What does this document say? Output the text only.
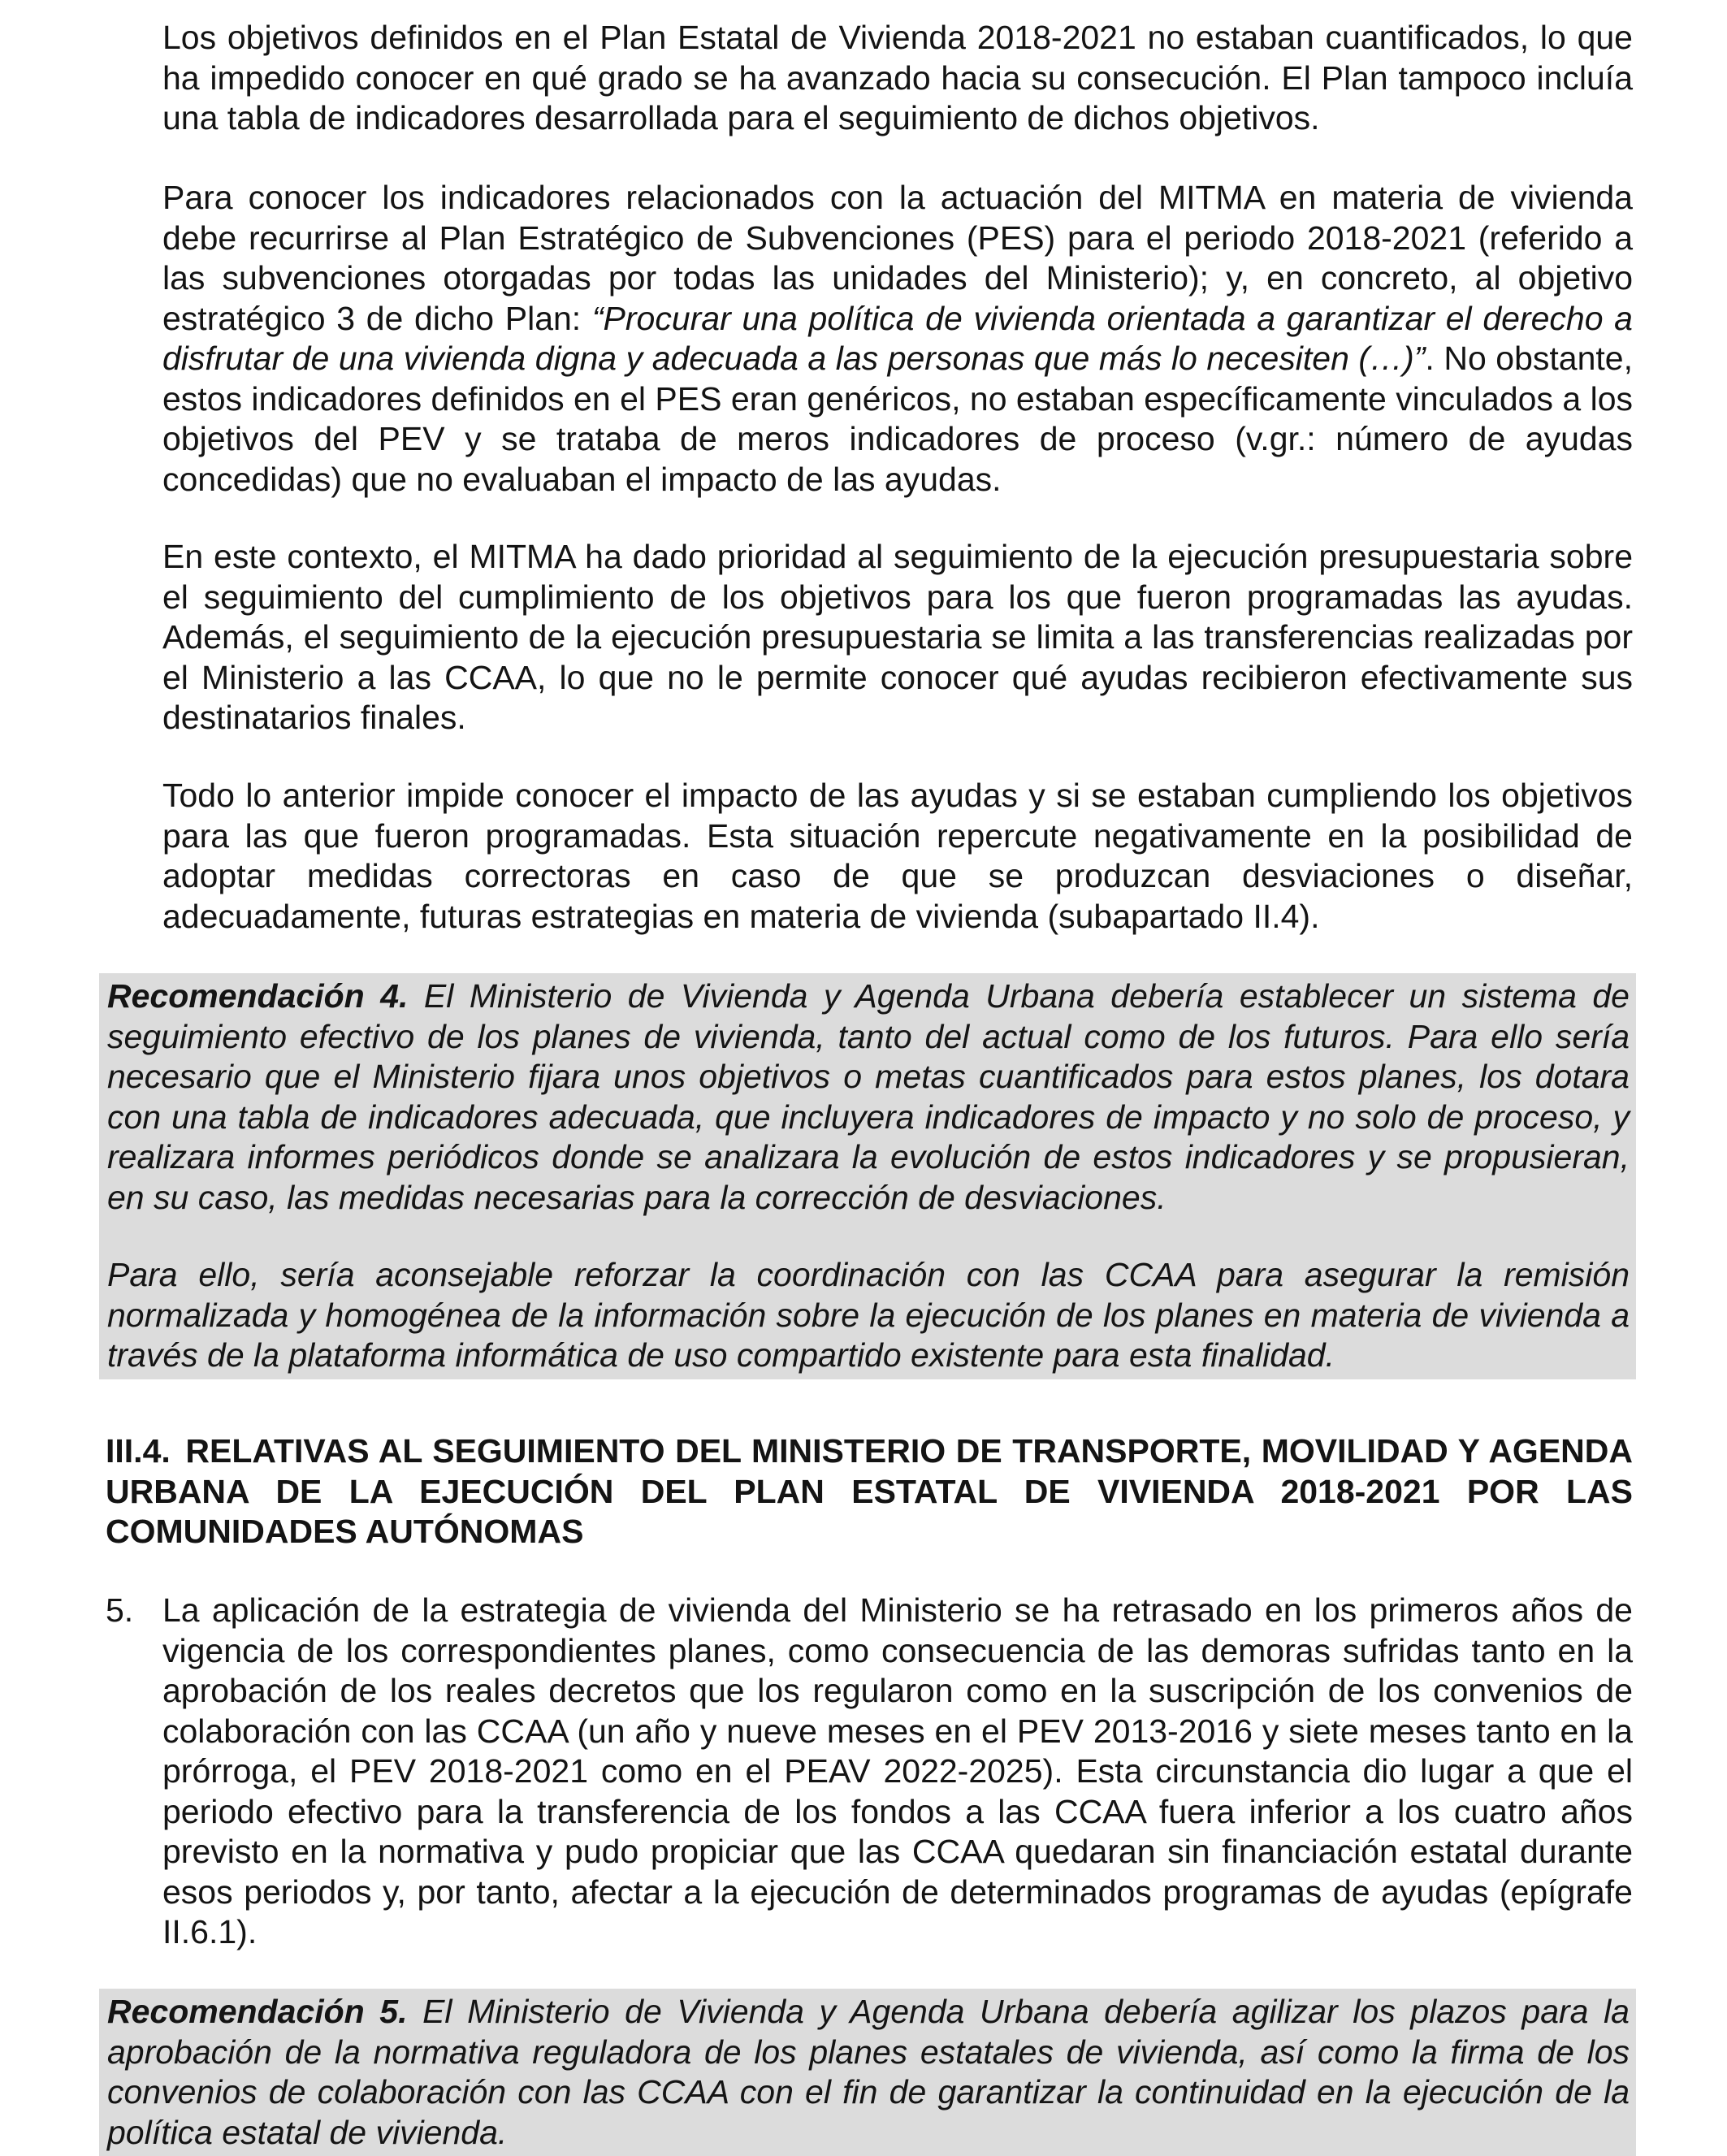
Los objetivos definidos en el Plan Estatal de Vivienda 2018-2021 no estaban cuantificados, lo que ha impedido conocer en qué grado se ha avanzado hacia su consecución. El Plan tampoco incluía una tabla de indicadores desarrollada para el seguimiento de dichos objetivos.

Para conocer los indicadores relacionados con la actuación del MITMA en materia de vivienda debe recurrirse al Plan Estratégico de Subvenciones (PES) para el periodo 2018-2021 (referido a las subvenciones otorgadas por todas las unidades del Ministerio); y, en concreto, al objetivo estratégico 3 de dicho Plan: “Procurar una política de vivienda orientada a garantizar el derecho a disfrutar de una vivienda digna y adecuada a las personas que más lo necesiten (…)”. No obstante, estos indicadores definidos en el PES eran genéricos, no estaban específicamente vinculados a los objetivos del PEV y se trataba de meros indicadores de proceso (v.gr.: número de ayudas concedidas) que no evaluaban el impacto de las ayudas.

En este contexto, el MITMA ha dado prioridad al seguimiento de la ejecución presupuestaria sobre el seguimiento del cumplimiento de los objetivos para los que fueron programadas las ayudas. Además, el seguimiento de la ejecución presupuestaria se limita a las transferencias realizadas por el Ministerio a las CCAA, lo que no le permite conocer qué ayudas recibieron efectivamente sus destinatarios finales.

Todo lo anterior impide conocer el impacto de las ayudas y si se estaban cumpliendo los objetivos para las que fueron programadas. Esta situación repercute negativamente en la posibilidad de adoptar medidas correctoras en caso de que se produzcan desviaciones o diseñar, adecuadamente, futuras estrategias en materia de vivienda (subapartado II.4).

Recomendación 4. El Ministerio de Vivienda y Agenda Urbana debería establecer un sistema de seguimiento efectivo de los planes de vivienda, tanto del actual como de los futuros. Para ello sería necesario que el Ministerio fijara unos objetivos o metas cuantificados para estos planes, los dotara con una tabla de indicadores adecuada, que incluyera indicadores de impacto y no solo de proceso, y realizara informes periódicos donde se analizara la evolución de estos indicadores y se propusieran, en su caso, las medidas necesarias para la corrección de desviaciones.

Para ello, sería aconsejable reforzar la coordinación con las CCAA para asegurar la remisión normalizada y homogénea de la información sobre la ejecución de los planes en materia de vivienda a través de la plataforma informática de uso compartido existente para esta finalidad.

III.4. RELATIVAS AL SEGUIMIENTO DEL MINISTERIO DE TRANSPORTE, MOVILIDAD Y AGENDA URBANA DE LA EJECUCIÓN DEL PLAN ESTATAL DE VIVIENDA 2018-2021 POR LAS COMUNIDADES AUTÓNOMAS

5. La aplicación de la estrategia de vivienda del Ministerio se ha retrasado en los primeros años de vigencia de los correspondientes planes, como consecuencia de las demoras sufridas tanto en la aprobación de los reales decretos que los regularon como en la suscripción de los convenios de colaboración con las CCAA (un año y nueve meses en el PEV 2013-2016 y siete meses tanto en la prórroga, el PEV 2018-2021 como en el PEAV 2022-2025). Esta circunstancia dio lugar a que el periodo efectivo para la transferencia de los fondos a las CCAA fuera inferior a los cuatro años previsto en la normativa y pudo propiciar que las CCAA quedaran sin financiación estatal durante esos periodos y, por tanto, afectar a la ejecución de determinados programas de ayudas (epígrafe II.6.1).

Recomendación 5. El Ministerio de Vivienda y Agenda Urbana debería agilizar los plazos para la aprobación de la normativa reguladora de los planes estatales de vivienda, así como la firma de los convenios de colaboración con las CCAA con el fin de garantizar la continuidad en la ejecución de la política estatal de vivienda.
